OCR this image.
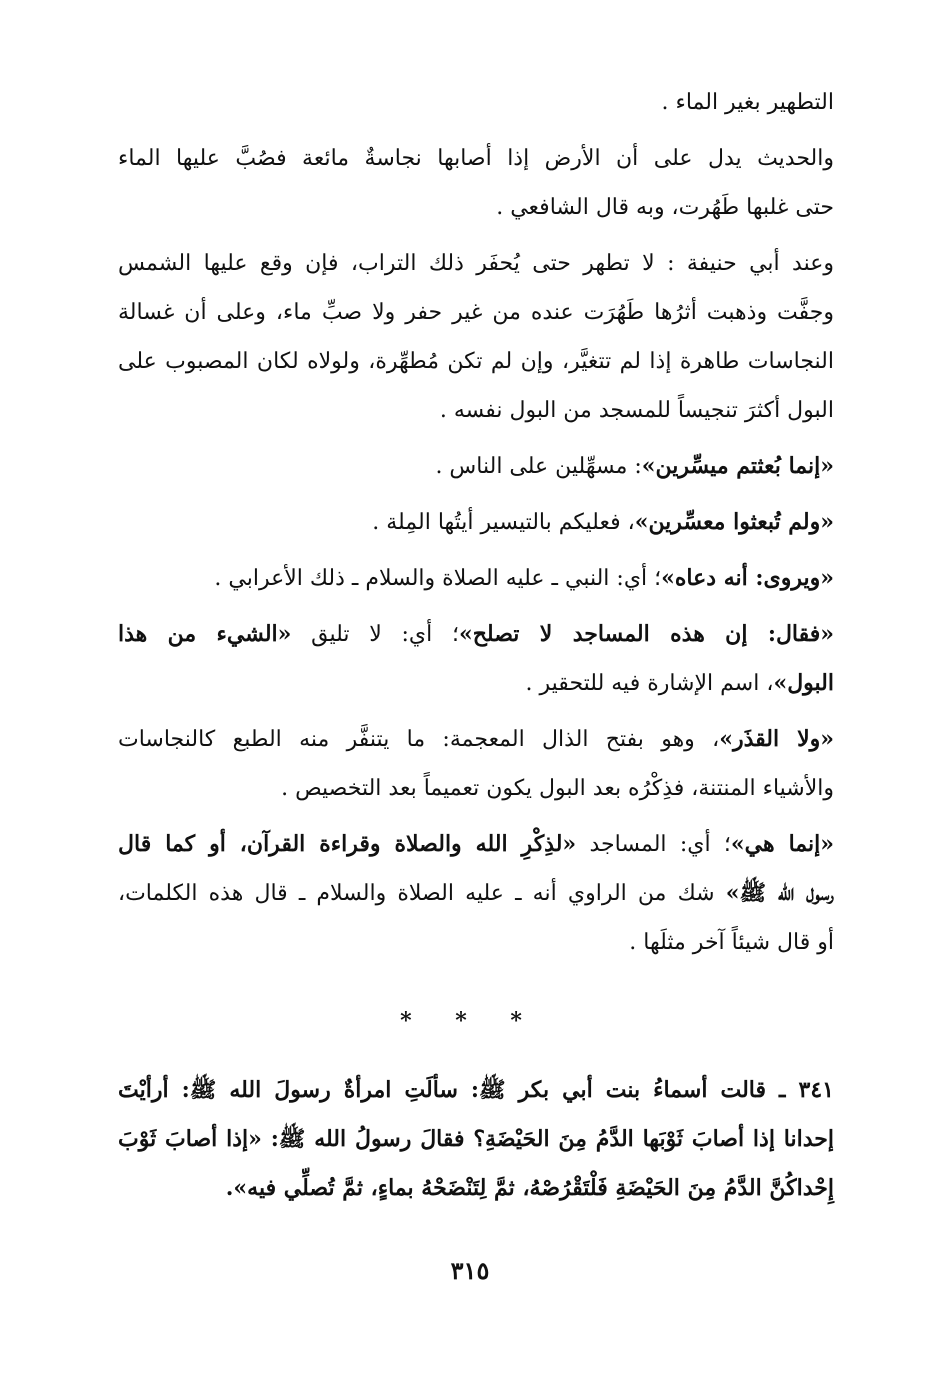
التطهير بغير الماء .
والحديث يدل على أن الأرض إذا أصابها نجاسةٌ مائعة فصُبَّ عليها الماء
حتى غلبها طَهُرت، وبه قال الشافعي .
وعند أبي حنيفة : لا تطهر حتى يُحفَر ذلك التراب، فإن وقع عليها الشمس
وجفَّت وذهبت أثرُها طَهُرَت عنده من غير حفر ولا صبِّ ماء، وعلى أن غسالة
النجاسات طاهرة إذا لم تتغيَّر، وإن لم تكن مُطهِّرة، ولولاه لكان المصبوب على
البول أكثرَ تنجيساً للمسجد من البول نفسه .
«إنما بُعثتم ميسِّرين»: مسهِّلين على الناس .
«ولم تُبعثوا معسِّرين»، فعليكم بالتيسير أيتُها المِلة .
«ويروى: أنه دعاه»؛ أي: النبي ـ عليه الصلاة والسلام ـ ذلك الأعرابي .
«فقال: إن هذه المساجد لا تصلح»؛ أي: لا تليق «الشيء من هذا
البول»، اسم الإشارة فيه للتحقير .
«ولا القذَر»، وهو بفتح الذال المعجمة: ما يتنفَّر منه الطبع كالنجاسات
والأشياء المنتنة، فذِكْرُه بعد البول يكون تعميماً بعد التخصيص .
«إنما هي»؛ أي: المساجد «لذِكْرِ الله والصلاة وقراءة القرآن، أو كما قال
رسول الله ﷺ» شك من الراوي أنه ـ عليه الصلاة والسلام ـ قال هذه الكلمات،
أو قال شيئاً آخر مثلَها .
* * *
٣٤١ ـ قالت أسماءُ بنت أبي بكر ﷺ: سألَتِ امرأةٌ رسولَ الله ﷺ: أرأيْتَ
إحدانا إذا أصابَ ثَوْبَها الدَّمُ مِنَ الحَيْضَةِ؟ فقالَ رسولُ الله ﷺ: «إذا أصابَ ثَوْبَ
إِحْداكُنَّ الدَّمُ مِنَ الحَيْضَةِ فَلْتَقْرُصْهُ، ثمَّ لِتَنْضَحْهُ بماءٍ، ثمَّ تُصلِّي فيه».
٣١٥
